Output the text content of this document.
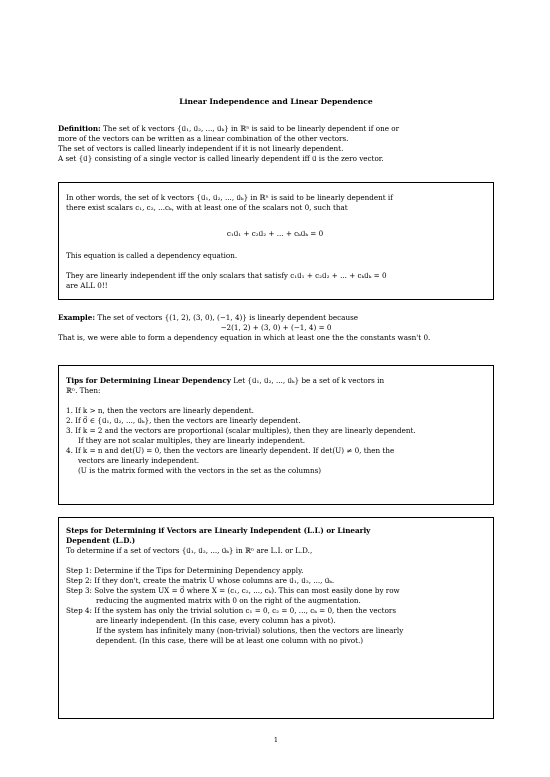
Linear Independence and Linear Dependence
Definition: The set of k vectors {u⃗₁, u⃗₂, ..., u⃗ₖ} in ℝⁿ is said to be linearly dependent if one or
more of the vectors can be written as a linear combination of the other vectors.
The set of vectors is called linearly independent if it is not linearly dependent.
A set {u⃗} consisting of a single vector is called linearly dependent iff u⃗ is the zero vector.
In other words, the set of k vectors {u⃗₁, u⃗₂, ..., u⃗ₖ} in ℝⁿ is said to be linearly dependent if
there exist scalars c₁, c₂, ...cₖ, with at least one of the scalars not 0, such that
c₁u⃗₁ + c₂u⃗₂ + ... + cₖu⃗ₖ = 0
This equation is called a dependency equation.
They are linearly independent iff the only scalars that satisfy c₁u⃗₁ + c₂u⃗₂ + ... + cₖu⃗ₖ = 0
are ALL 0!!
Example: The set of vectors {(1, 2), (3, 0), (−1, 4)} is linearly dependent because
−2(1, 2) + (3, 0) + (−1, 4) = 0
That is, we were able to form a dependency equation in which at least one the the constants wasn't 0.
Tips for Determining Linear Dependency Let {u⃗₁, u⃗₂, ..., u⃗ₖ} be a set of k vectors in
ℝⁿ. Then:
1. If k > n, then the vectors are linearly dependent.
2. If 0⃗ ∈ {u⃗₁, u⃗₂, ..., u⃗ₖ}, then the vectors are linearly dependent.
3. If k = 2 and the vectors are proportional (scalar multiples), then they are linearly dependent.
If they are not scalar multiples, they are linearly independent.
4. If k = n and det(U) = 0, then the vectors are linearly dependent. If det(U) ≠ 0, then the
vectors are linearly independent.
(U is the matrix formed with the vectors in the set as the columns)
Steps for Determining if Vectors are Linearly Independent (L.I.) or Linearly
Dependent (L.D.)
To determine if a set of vectors {u⃗₁, u⃗₂, ..., u⃗ₖ} in ℝⁿ are L.I. or L.D.,
Step 1: Determine if the Tips for Determining Dependency apply.
Step 2: If they don't, create the matrix U whose columns are u⃗₁, u⃗₂, ..., u⃗ₖ.
Step 3: Solve the system UX = 0⃗ where X = (c₁, c₂, ..., cₖ). This can most easily done by row
reducing the augmented matrix with 0 on the right of the augmentation.
Step 4: If the system has only the trivial solution c₁ = 0, c₂ = 0, ..., cₖ = 0, then the vectors
are linearly independent. (In this case, every column has a pivot).
If the system has infinitely many (non-trivial) solutions, then the vectors are linearly
dependent. (In this case, there will be at least one column with no pivot.)
1
